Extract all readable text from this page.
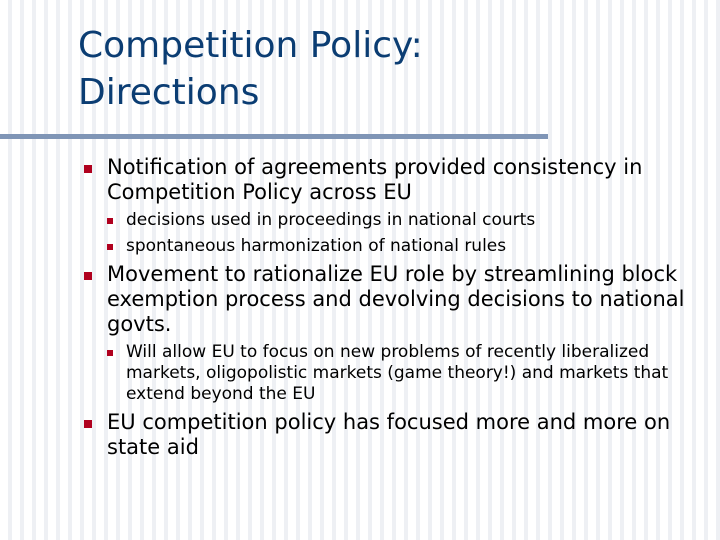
Competition Policy:
Directions
Notification of agreements provided consistency in Competition Policy across EU
decisions used in proceedings in national courts
spontaneous harmonization of national rules
Movement to rationalize EU role by streamlining block exemption process and devolving decisions to national govts.
Will allow EU to focus on new problems of recently liberalized markets, oligopolistic markets (game theory!) and markets that extend beyond the EU
EU competition policy has focused more and more on state aid
